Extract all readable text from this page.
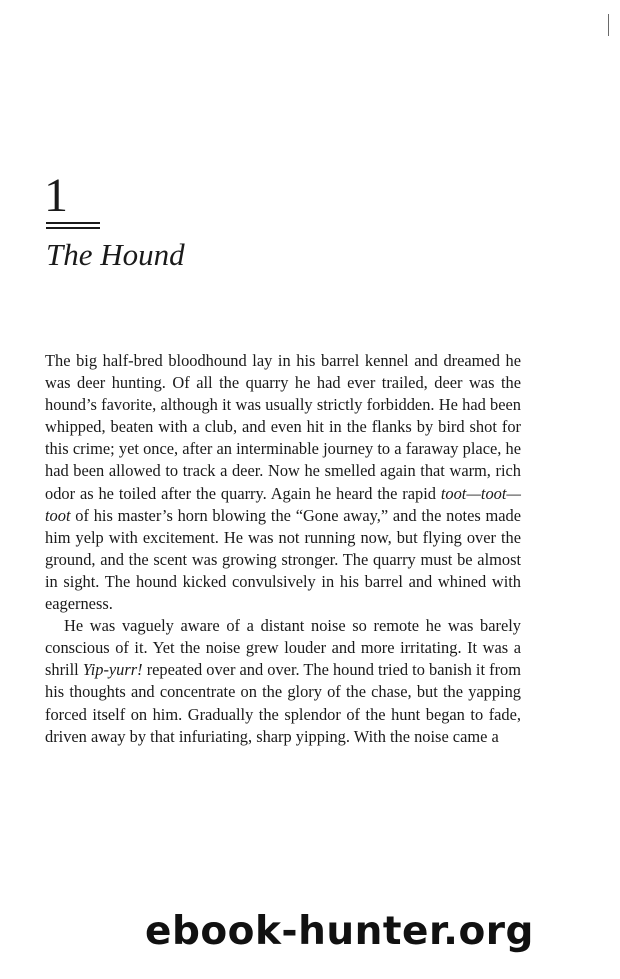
1
The Hound

The big half-bred bloodhound lay in his barrel kennel and dreamed he was deer hunting. Of all the quarry he had ever trailed, deer was the hound’s favorite, although it was usually strictly forbidden. He had been whipped, beaten with a club, and even hit in the flanks by bird shot for this crime; yet once, after an interminable journey to a faraway place, he had been allowed to track a deer. Now he smelled again that warm, rich odor as he toiled after the quarry. Again he heard the rapid toot—toot—toot of his master’s horn blowing the “Gone away,” and the notes made him yelp with excitement. He was not running now, but flying over the ground, and the scent was growing stronger. The quarry must be almost in sight. The hound kicked convulsively in his barrel and whined with eagerness.

He was vaguely aware of a distant noise so remote he was barely conscious of it. Yet the noise grew louder and more irritating. It was a shrill Yip-yurr! repeated over and over. The hound tried to banish it from his thoughts and concentrate on the glory of the chase, but the yapping forced itself on him. Gradually the splendor of the hunt began to fade, driven away by that infuriating, sharp yipping. With the noise came a

ebook-hunter.org
